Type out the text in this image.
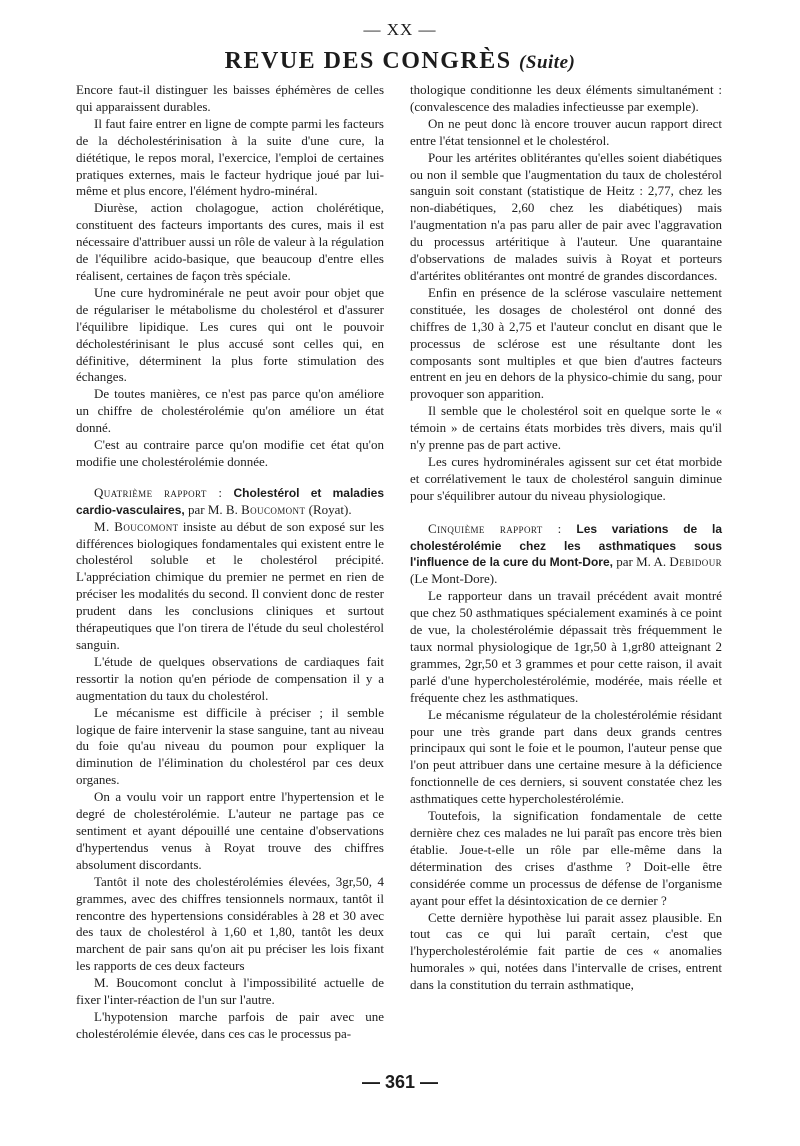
— XX —
REVUE DES CONGRÈS (Suite)

Encore faut-il distinguer les baisses éphémères de celles qui apparaissent durables.

Il faut faire entrer en ligne de compte parmi les facteurs de la décholestérinisation à la suite d'une cure, la diététique, le repos moral, l'exercice, l'emploi de certaines pratiques externes, mais le facteur hydrique joué par lui-même et plus encore, l'élément hydro-minéral.

Diurèse, action cholagogue, action cholérétique, constituent des facteurs importants des cures, mais il est nécessaire d'attribuer aussi un rôle de valeur à la régulation de l'équilibre acido-basique, que beaucoup d'entre elles réalisent, certaines de façon très spéciale.

Une cure hydrominérale ne peut avoir pour objet que de régulariser le métabolisme du cholestérol et d'assurer l'équilibre lipidique. Les cures qui ont le pouvoir décholestérinisant le plus accusé sont celles qui, en définitive, déterminent la plus forte stimulation des échanges.

De toutes manières, ce n'est pas parce qu'on améliore un chiffre de cholestérolémie qu'on améliore un état donné.

C'est au contraire parce qu'on modifie cet état qu'on modifie une cholestérolémie donnée.

Quatrième rapport : Cholestérol et maladies cardio-vasculaires, par M. B. Boucomont (Royat).

M. Boucomont insiste au début de son exposé sur les différences biologiques fondamentales qui existent entre le cholestérol soluble et le cholestérol précipité. L'appréciation chimique du premier ne permet en rien de préciser les modalités du second. Il convient donc de rester prudent dans les conclusions cliniques et surtout thérapeutiques que l'on tirera de l'étude du seul cholestérol sanguin.

L'étude de quelques observations de cardiaques fait ressortir la notion qu'en période de compensation il y a augmentation du taux du cholestérol.

Le mécanisme est difficile à préciser ; il semble logique de faire intervenir la stase sanguine, tant au niveau du foie qu'au niveau du poumon pour expliquer la diminution de l'élimination du cholestérol par ces deux organes.

On a voulu voir un rapport entre l'hypertension et le degré de cholestérolémie. L'auteur ne partage pas ce sentiment et ayant dépouillé une centaine d'observations d'hypertendus venus à Royat trouve des chiffres absolument discordants.

Tantôt il note des cholestérolémies élevées, 3gr,50, 4 grammes, avec des chiffres tensionnels normaux, tantôt il rencontre des hypertensions considérables à 28 et 30 avec des taux de cholestérol à 1,60 et 1,80, tantôt les deux marchent de pair sans qu'on ait pu préciser les lois fixant les rapports de ces deux facteurs

M. Boucomont conclut à l'impossibilité actuelle de fixer l'inter-réaction de l'un sur l'autre.

L'hypotension marche parfois de pair avec une cholestérolémie élevée, dans ces cas le processus pa-

thologique conditionne les deux éléments simultanément : (convalescence des maladies infectieusse par exemple).

On ne peut donc là encore trouver aucun rapport direct entre l'état tensionnel et le cholestérol.

Pour les artérites oblitérantes qu'elles soient diabétiques ou non il semble que l'augmentation du taux de cholestérol sanguin soit constant (statistique de Heitz : 2,77, chez les non-diabétiques, 2,60 chez les diabétiques) mais l'augmentation n'a pas paru aller de pair avec l'aggravation du processus artéritique à l'auteur. Une quarantaine d'observations de malades suivis à Royat et porteurs d'artérites oblitérantes ont montré de grandes discordances.

Enfin en présence de la sclérose vasculaire nettement constituée, les dosages de cholestérol ont donné des chiffres de 1,30 à 2,75 et l'auteur conclut en disant que le processus de sclérose est une résultante dont les composants sont multiples et que bien d'autres facteurs entrent en jeu en dehors de la physico-chimie du sang, pour provoquer son apparition.

Il semble que le cholestérol soit en quelque sorte le « témoin » de certains états morbides très divers, mais qu'il n'y prenne pas de part active.

Les cures hydrominérales agissent sur cet état morbide et corrélativement le taux de cholestérol sanguin diminue pour s'équilibrer autour du niveau physiologique.

Cinquième rapport : Les variations de la cholestérolémie chez les asthmatiques sous l'influence de la cure du Mont-Dore, par M. A. Debidour (Le Mont-Dore).

Le rapporteur dans un travail précédent avait montré que chez 50 asthmatiques spécialement examinés à ce point de vue, la cholestérolémie dépassait très fréquemment le taux normal physiologique de 1gr,50 à 1,gr80 atteignant 2 grammes, 2gr,50 et 3 grammes et pour cette raison, il avait parlé d'une hypercholestérolémie, modérée, mais réelle et fréquente chez les asthmatiques.

Le mécanisme régulateur de la cholestérolémie résidant pour une très grande part dans deux grands centres principaux qui sont le foie et le poumon, l'auteur pense que l'on peut attribuer dans une certaine mesure à la déficience fonctionnelle de ces derniers, si souvent constatée chez les asthmatiques cette hypercholestérolémie.

Toutefois, la signification fondamentale de cette dernière chez ces malades ne lui paraît pas encore très bien établie. Joue-t-elle un rôle par elle-même dans la détermination des crises d'asthme ? Doit-elle être considérée comme un processus de défense de l'organisme ayant pour effet la désintoxication de ce dernier ?

Cette dernière hypothèse lui parait assez plausible. En tout cas ce qui lui paraît certain, c'est que l'hypercholestérolémie fait partie de ces « anomalies humorales » qui, notées dans l'intervalle de crises, entrent dans la constitution du terrain asthmatique,

— 361 —
